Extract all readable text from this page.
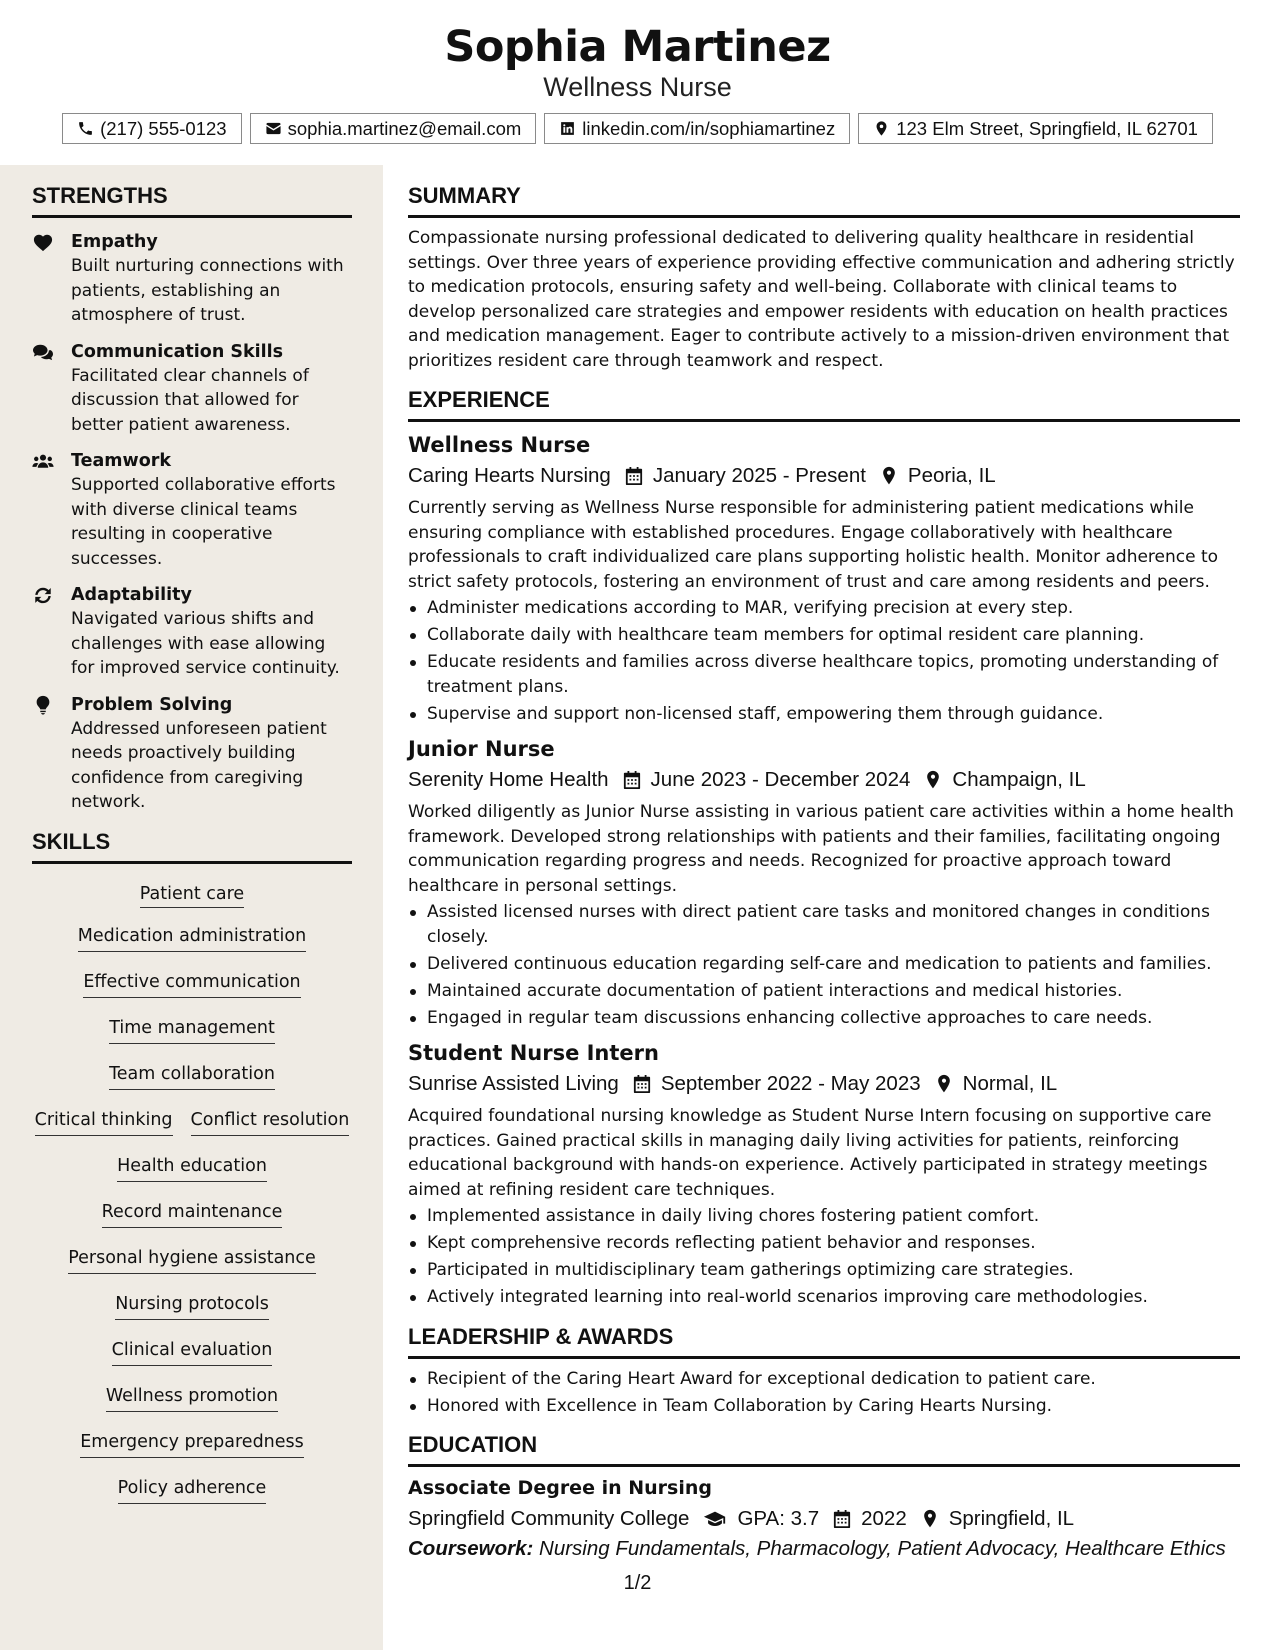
Sophia Martinez
Wellness Nurse
(217) 555-0123	sophia.martinez@email.com	linkedin.com/in/sophiamartinez	123 Elm Street, Springfield, IL 62701
STRENGTHS
Empathy
Built nurturing connections with patients, establishing an atmosphere of trust.
Communication Skills
Facilitated clear channels of discussion that allowed for better patient awareness.
Teamwork
Supported collaborative efforts with diverse clinical teams resulting in cooperative successes.
Adaptability
Navigated various shifts and challenges with ease allowing for improved service continuity.
Problem Solving
Addressed unforeseen patient needs proactively building confidence from caregiving network.
SKILLS
Patient care
Medication administration
Effective communication
Time management
Team collaboration
Critical thinking Conflict resolution
Health education
Record maintenance
Personal hygiene assistance
Nursing protocols
Clinical evaluation
Wellness promotion
Emergency preparedness
Policy adherence
SUMMARY
Compassionate nursing professional dedicated to delivering quality healthcare in residential settings. Over three years of experience providing effective communication and adhering strictly to medication protocols, ensuring safety and well-being. Collaborate with clinical teams to develop personalized care strategies and empower residents with education on health practices and medication management. Eager to contribute actively to a mission-driven environment that prioritizes resident care through teamwork and respect.
EXPERIENCE
Wellness Nurse
Caring Hearts Nursing January 2025 - Present Peoria, IL
Currently serving as Wellness Nurse responsible for administering patient medications while ensuring compliance with established procedures. Engage collaboratively with healthcare professionals to craft individualized care plans supporting holistic health. Monitor adherence to strict safety protocols, fostering an environment of trust and care among residents and peers.
Administer medications according to MAR, verifying precision at every step.
Collaborate daily with healthcare team members for optimal resident care planning.
Educate residents and families across diverse healthcare topics, promoting understanding of treatment plans.
Supervise and support non-licensed staff, empowering them through guidance.
Junior Nurse
Serenity Home Health June 2023 - December 2024 Champaign, IL
Worked diligently as Junior Nurse assisting in various patient care activities within a home health framework. Developed strong relationships with patients and their families, facilitating ongoing communication regarding progress and needs. Recognized for proactive approach toward healthcare in personal settings.
Assisted licensed nurses with direct patient care tasks and monitored changes in conditions closely.
Delivered continuous education regarding self-care and medication to patients and families.
Maintained accurate documentation of patient interactions and medical histories.
Engaged in regular team discussions enhancing collective approaches to care needs.
Student Nurse Intern
Sunrise Assisted Living September 2022 - May 2023 Normal, IL
Acquired foundational nursing knowledge as Student Nurse Intern focusing on supportive care practices. Gained practical skills in managing daily living activities for patients, reinforcing educational background with hands-on experience. Actively participated in strategy meetings aimed at refining resident care techniques.
Implemented assistance in daily living chores fostering patient comfort.
Kept comprehensive records reflecting patient behavior and responses.
Participated in multidisciplinary team gatherings optimizing care strategies.
Actively integrated learning into real-world scenarios improving care methodologies.
LEADERSHIP & AWARDS
Recipient of the Caring Heart Award for exceptional dedication to patient care.
Honored with Excellence in Team Collaboration by Caring Hearts Nursing.
EDUCATION
Associate Degree in Nursing
Springfield Community College GPA: 3.7 2022 Springfield, IL
Coursework: Nursing Fundamentals, Pharmacology, Patient Advocacy, Healthcare Ethics
1/2
